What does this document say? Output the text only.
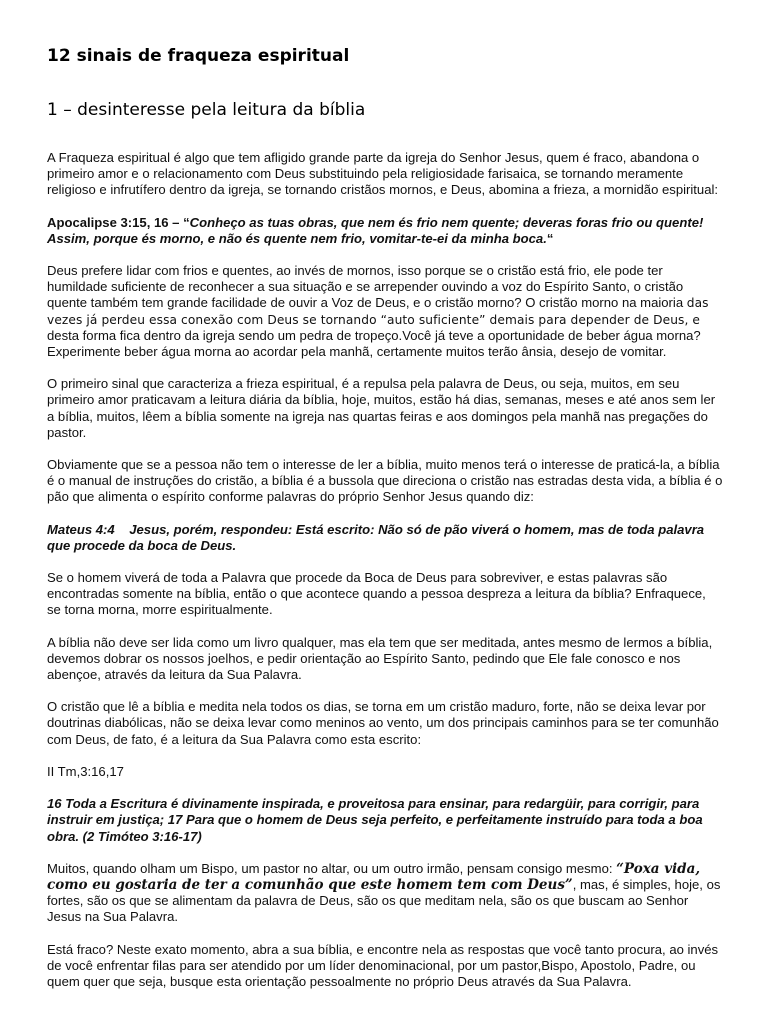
12 sinais de fraqueza espiritual
1 – desinteresse pela leitura da bíblia

A Fraqueza espiritual é algo que tem afligido grande parte da igreja do Senhor Jesus, quem é fraco, abandona o primeiro amor e o relacionamento com Deus substituindo pela religiosidade farisaica, se tornando meramente religioso e infrutífero dentro da igreja, se tornando cristãos mornos, e Deus, abomina a frieza, a mornidão espiritual:

Apocalipse 3:15, 16 – “Conheço as tuas obras, que nem és frio nem quente; deveras foras frio ou quente! Assim, porque és morno, e não és quente nem frio, vomitar-te-ei da minha boca.“

Deus prefere lidar com frios e quentes, ao invés de mornos, isso porque se o cristão está frio, ele pode ter humildade suficiente de reconhecer a sua situação e se arrepender ouvindo a voz do Espírito Santo, o cristão quente também tem grande facilidade de ouvir a Voz de Deus, e o cristão morno? O cristão morno na maioria das vezes já perdeu essa conexão com Deus se tornando “auto suficiente” demais para depender de Deus, e desta forma fica dentro da igreja sendo um pedra de tropeço.Você já teve a oportunidade de beber água morna? Experimente beber água morna ao acordar pela manhã, certamente muitos terão ânsia, desejo de vomitar.

O primeiro sinal que caracteriza a frieza espiritual, é a repulsa pela palavra de Deus, ou seja, muitos, em seu primeiro amor praticavam a leitura diária da bíblia, hoje, muitos, estão há dias, semanas, meses e até anos sem ler a bíblia, muitos, lêem a bíblia somente na igreja nas quartas feiras e aos domingos pela manhã nas pregações do pastor.

Obviamente que se a pessoa não tem o interesse de ler a bíblia, muito menos terá o interesse de praticá-la, a bíblia é o manual de instruções do cristão, a bíblia é a bussola que direciona o cristão nas estradas desta vida, a bíblia é o pão que alimenta o espírito conforme palavras do próprio Senhor Jesus quando diz:

Mateus 4:4    Jesus, porém, respondeu: Está escrito: Não só de pão viverá o homem, mas de toda palavra que procede da boca de Deus.

Se o homem viverá de toda a Palavra que procede da Boca de Deus para sobreviver, e estas palavras são encontradas somente na bíblia, então o que acontece quando a pessoa despreza a leitura da bíblia? Enfraquece, se torna morna, morre espiritualmente.

A bíblia não deve ser lida como um livro qualquer, mas ela tem que ser meditada, antes mesmo de lermos a bíblia, devemos dobrar os nossos joelhos, e pedir orientação ao Espírito Santo, pedindo que Ele fale conosco e nos abençoe, através da leitura da Sua Palavra.

O cristão que lê a bíblia e medita nela todos os dias, se torna em um cristão maduro, forte, não se deixa levar por doutrinas diabólicas, não se deixa levar como meninos ao vento, um dos principais caminhos para se ter comunhão com Deus, de fato, é a leitura da Sua Palavra como esta escrito:

II Tm,3:16,17

16 Toda a Escritura é divinamente inspirada, e proveitosa para ensinar, para redargüir, para corrigir, para instruir em justiça; 17 Para que o homem de Deus seja perfeito, e perfeitamente instruído para toda a boa obra. (2 Timóteo 3:16-17)

Muitos, quando olham um Bispo, um pastor no altar, ou um outro irmão, pensam consigo mesmo: “Poxa vida, como eu gostaria de ter a comunhão que este homem tem com Deus”, mas, é simples, hoje, os fortes, são os que se alimentam da palavra de Deus, são os que meditam nela, são os que buscam ao Senhor Jesus na Sua Palavra.

Está fraco? Neste exato momento, abra a sua bíblia, e encontre nela as respostas que você tanto procura, ao invés de você enfrentar filas para ser atendido por um líder denominacional, por um pastor,Bispo, Apostolo, Padre, ou quem quer que seja, busque esta orientação pessoalmente no próprio Deus através da Sua Palavra.
